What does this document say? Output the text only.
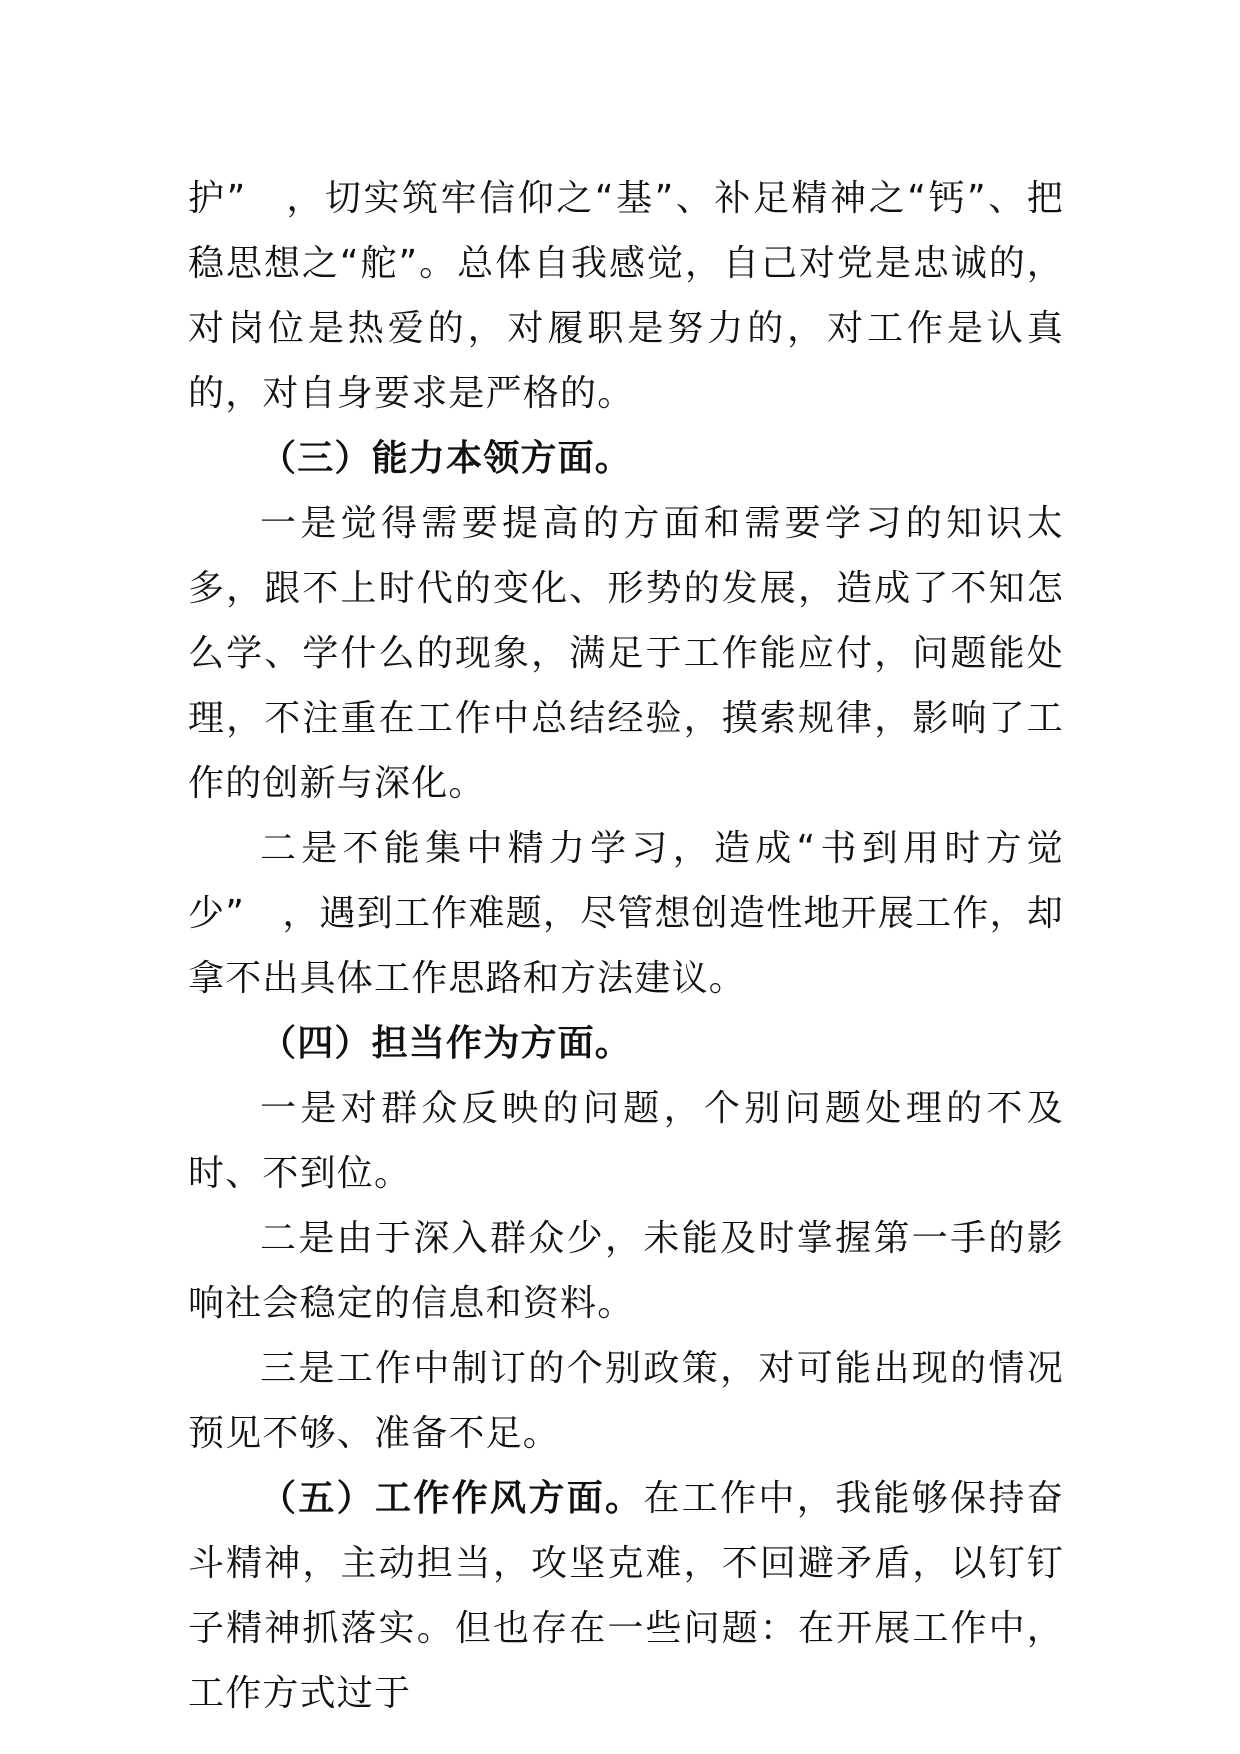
护”　，切实筑牢信仰之“基”、补足精神之“钙”、把稳思想之“舵”。总体自我感觉，自己对党是忠诚的，对岗位是热爱的，对履职是努力的，对工作是认真的，对自身要求是严格的。

（三）能力本领方面。

一是觉得需要提高的方面和需要学习的知识太多，跟不上时代的变化、形势的发展，造成了不知怎么学、学什么的现象，满足于工作能应付，问题能处理，不注重在工作中总结经验，摸索规律，影响了工作的创新与深化。

二是不能集中精力学习，造成“书到用时方觉少”　，遇到工作难题，尽管想创造性地开展工作，却拿不出具体工作思路和方法建议。

（四）担当作为方面。

一是对群众反映的问题，个别问题处理的不及时、不到位。

二是由于深入群众少，未能及时掌握第一手的影响社会稳定的信息和资料。

三是工作中制订的个别政策，对可能出现的情况预见不够、准备不足。

（五）工作作风方面。在工作中，我能够保持奋斗精神，主动担当，攻坚克难，不回避矛盾，以钉钉子精神抓落实。但也存在一些问题：在开展工作中，工作方式过于
